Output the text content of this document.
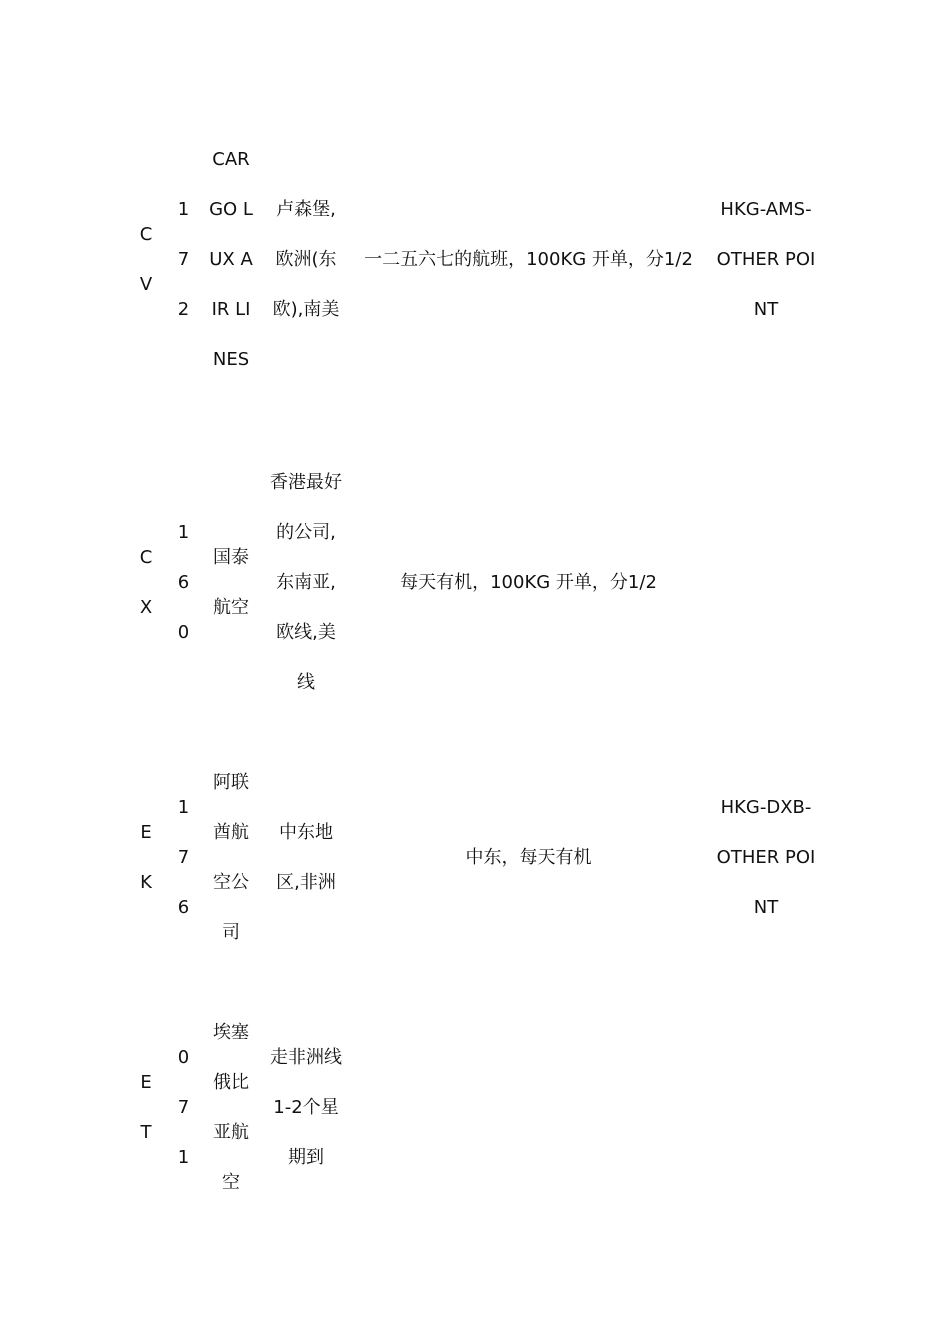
CV
172
CARGO LUX AIR LINES
卢森堡,欧洲(东欧),南美
一二五六七的航班，100KG 开单，分1/2
HKG-AMS-OTHER POINT
CX
160
国泰航空
香港最好的公司,东南亚,欧线,美线
每天有机，100KG 开单，分1/2
EK
176
阿联酋航空公司
中东地区,非洲
中东，每天有机
HKG-DXB-OTHER POINT
ET
071
埃塞俄比亚航空
走非洲线1-2个星期到
